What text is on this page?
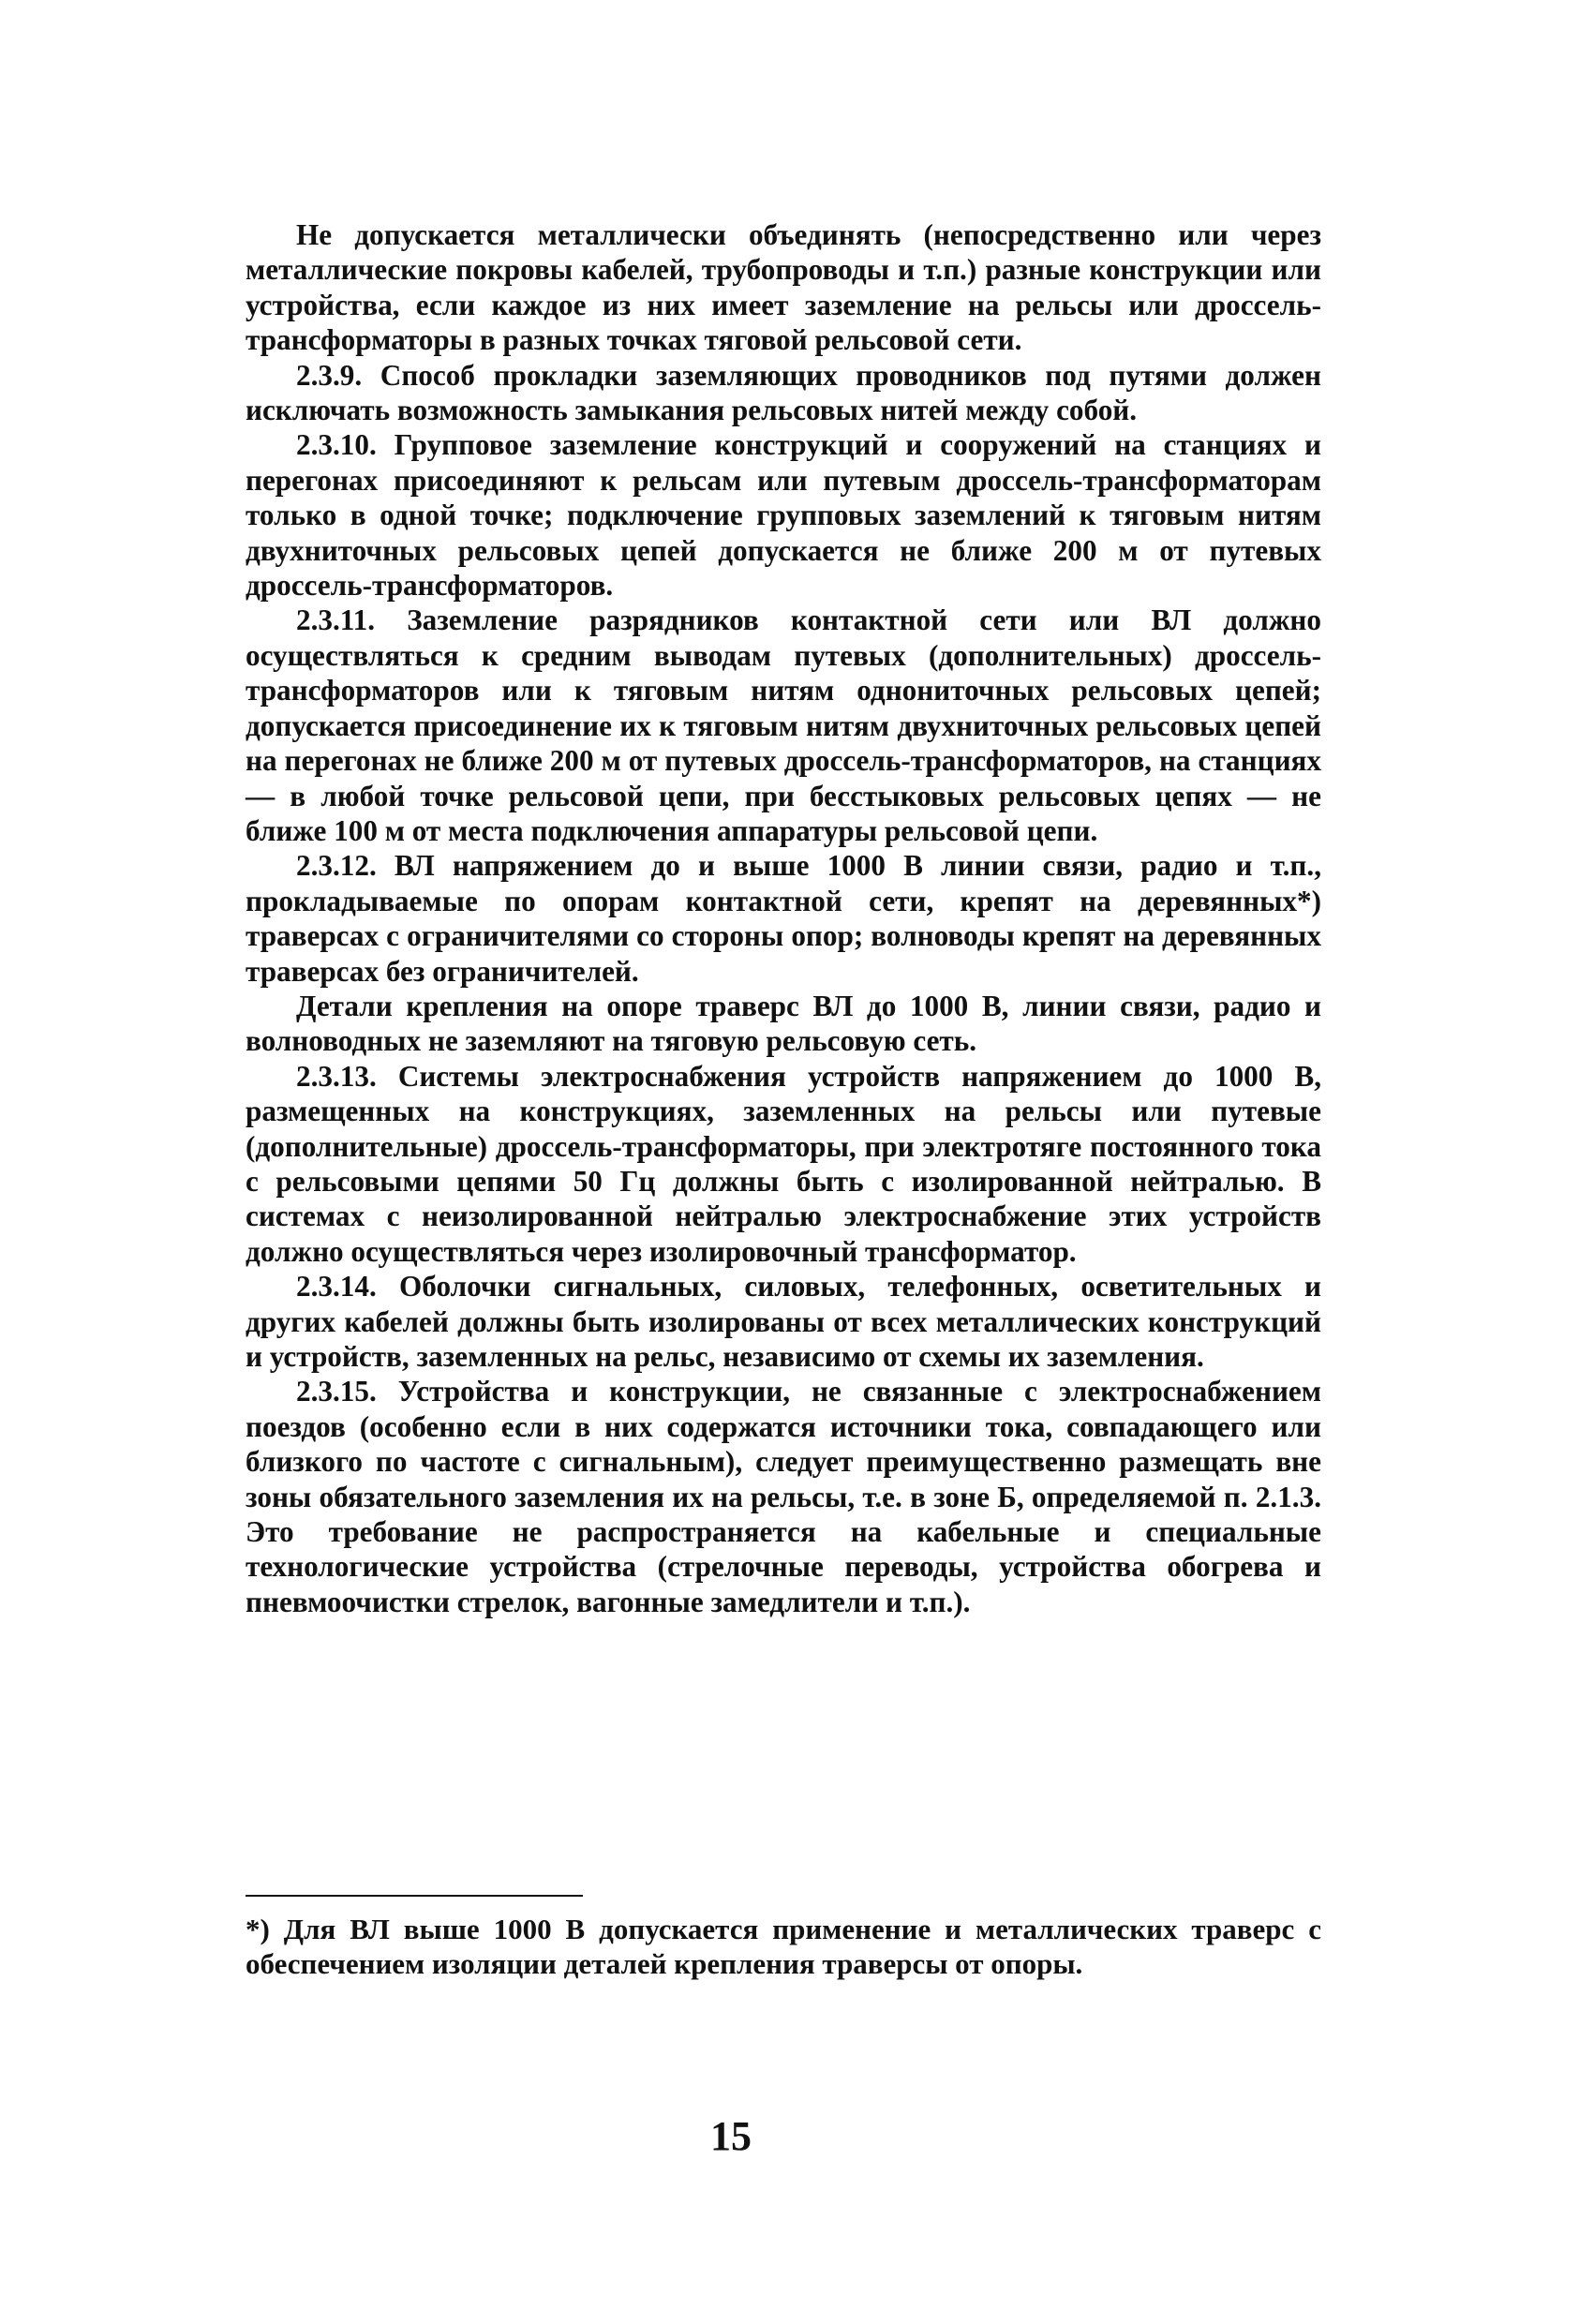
Не допускается металлически объединять (непосредственно или через металлические покровы кабелей, трубопроводы и т.п.) разные конструкции или устройства, если каждое из них имеет заземление на рельсы или дроссель-трансформаторы в разных точках тяговой рельсовой сети.

2.3.9. Способ прокладки заземляющих проводников под путями должен исключать возможность замыкания рельсовых нитей между собой.

2.3.10. Групповое заземление конструкций и сооружений на станциях и перегонах присоединяют к рельсам или путевым дроссель-трансформаторам только в одной точке; подключение групповых заземлений к тяговым нитям двухниточных рельсовых цепей допускается не ближе 200 м от путевых дроссель-трансформаторов.

2.3.11. Заземление разрядников контактной сети или ВЛ должно осуществляться к средним выводам путевых (дополнительных) дроссель-трансформаторов или к тяговым нитям однониточных рельсовых цепей; допускается присоединение их к тяговым нитям двухниточных рельсовых цепей на перегонах не ближе 200 м от путевых дроссель-трансформаторов, на станциях — в любой точке рельсовой цепи, при бесстыковых рельсовых цепях — не ближе 100 м от места подключения аппаратуры рельсовой цепи.

2.3.12. ВЛ напряжением до и выше 1000 В линии связи, радио и т.п., прокладываемые по опорам контактной сети, крепят на деревянных*) траверсах с ограничителями со стороны опор; волноводы крепят на деревянных траверсах без ограничителей.

Детали крепления на опоре траверс ВЛ до 1000 В, линии связи, радио и волноводных не заземляют на тяговую рельсовую сеть.

2.3.13. Системы электроснабжения устройств напряжением до 1000 В, размещенных на конструкциях, заземленных на рельсы или путевые (дополнительные) дроссель-трансформаторы, при электротяге постоянного тока с рельсовыми цепями 50 Гц должны быть с изолированной нейтралью. В системах с неизолированной нейтралью электроснабжение этих устройств должно осуществляться через изолировочный трансформатор.

2.3.14. Оболочки сигнальных, силовых, телефонных, осветительных и других кабелей должны быть изолированы от всех металлических конструкций и устройств, заземленных на рельс, независимо от схемы их заземления.

2.3.15. Устройства и конструкции, не связанные с электроснабжением поездов (особенно если в них содержатся источники тока, совпадающего или близкого по частоте с сигнальным), следует преимущественно размещать вне зоны обязательного заземления их на рельсы, т.е. в зоне Б, определяемой п. 2.1.3. Это требование не распространяется на кабельные и специальные технологические устройства (стрелочные переводы, устройства обогрева и пневмоочистки стрелок, вагонные замедлители и т.п.).

*) Для ВЛ выше 1000 В допускается применение и металлических траверс с обеспечением изоляции деталей крепления траверсы от опоры.

15
